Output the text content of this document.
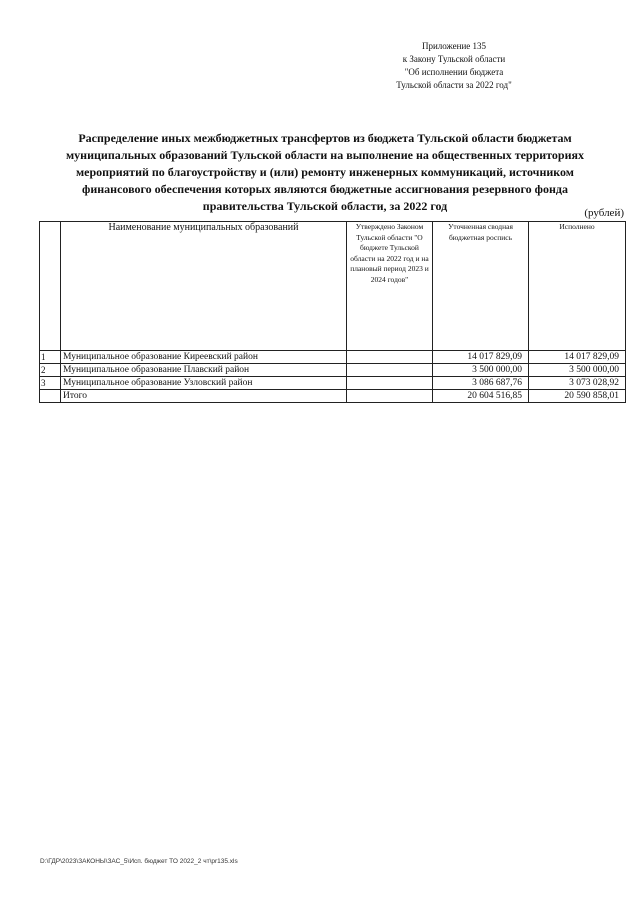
Приложение 135
к Закону Тульской области
"Об исполнении бюджета
Тульской области за 2022 год"
Распределение иных межбюджетных трансфертов из бюджета Тульской области бюджетам
муниципальных образований Тульской области на выполнение на общественных территориях
мероприятий по благоустройству и (или) ремонту инженерных коммуникаций, источником
финансового обеспечения которых являются бюджетные ассигнования резервного фонда
правительства Тульской области, за 2022 год	(рублей)
	Наименование муниципальных образований	Утверждено Законом Тульской области "О бюджете Тульской области на 2022 год и на плановый период 2023 и 2024 годов"	Уточненная сводная бюджетная роспись	Исполнено
1	Муниципальное образование Киреевский район		14 017 829,09	14 017 829,09
2	Муниципальное образование Плавский район		3 500 000,00	3 500 000,00
3	Муниципальное образование Узловский район		3 086 687,76	3 073 028,92
	Итого		20 604 516,85	20 590 858,01
D:\ГДР\2023\ЗАКОНЫ\ЗАС_5\Исп. бюджет ТО 2022_2 чт\pr135.xls
